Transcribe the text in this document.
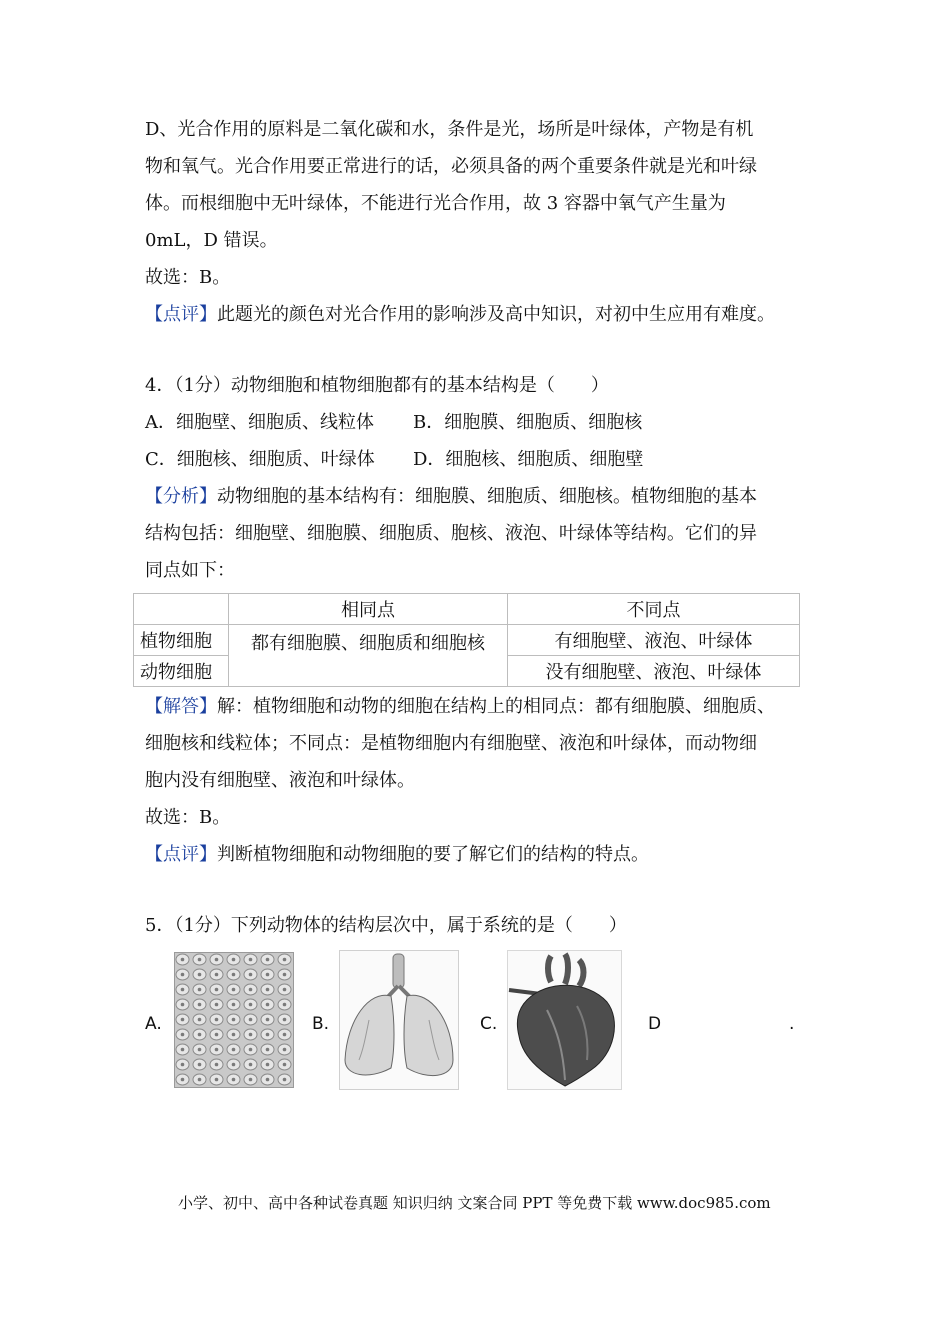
D、光合作用的原料是二氧化碳和水，条件是光，场所是叶绿体，产物是有机
物和氧气。光合作用要正常进行的话，必须具备的两个重要条件就是光和叶绿
体。而根细胞中无叶绿体，不能进行光合作用，故 3 容器中氧气产生量为
0mL，D 错误。
故选：B。
【点评】此题光的颜色对光合作用的影响涉及高中知识，对初中生应用有难度。
4．（1分）动物细胞和植物细胞都有的基本结构是（　　）
A．细胞壁、细胞质、线粒体 B．细胞膜、细胞质、细胞核
C．细胞核、细胞质、叶绿体 D．细胞核、细胞质、细胞壁
【分析】动物细胞的基本结构有：细胞膜、细胞质、细胞核。植物细胞的基本
结构包括：细胞壁、细胞膜、细胞质、胞核、液泡、叶绿体等结构。它们的异
同点如下：
	相同点	不同点
植物细胞	都有细胞膜、细胞质和细胞核	有细胞壁、液泡、叶绿体
动物细胞		没有细胞壁、液泡、叶绿体
【解答】解：植物细胞和动物的细胞在结构上的相同点：都有细胞膜、细胞质、
细胞核和线粒体；不同点：是植物细胞内有细胞壁、液泡和叶绿体，而动物细
胞内没有细胞壁、液泡和叶绿体。
故选：B。
【点评】判断植物细胞和动物细胞的要了解它们的结构的特点。
5．（1分）下列动物体的结构层次中，属于系统的是（　　）
A.	B.	C.	D	.
小学、初中、高中各种试卷真题 知识归纳 文案合同 PPT 等免费下载 www.doc985.com
